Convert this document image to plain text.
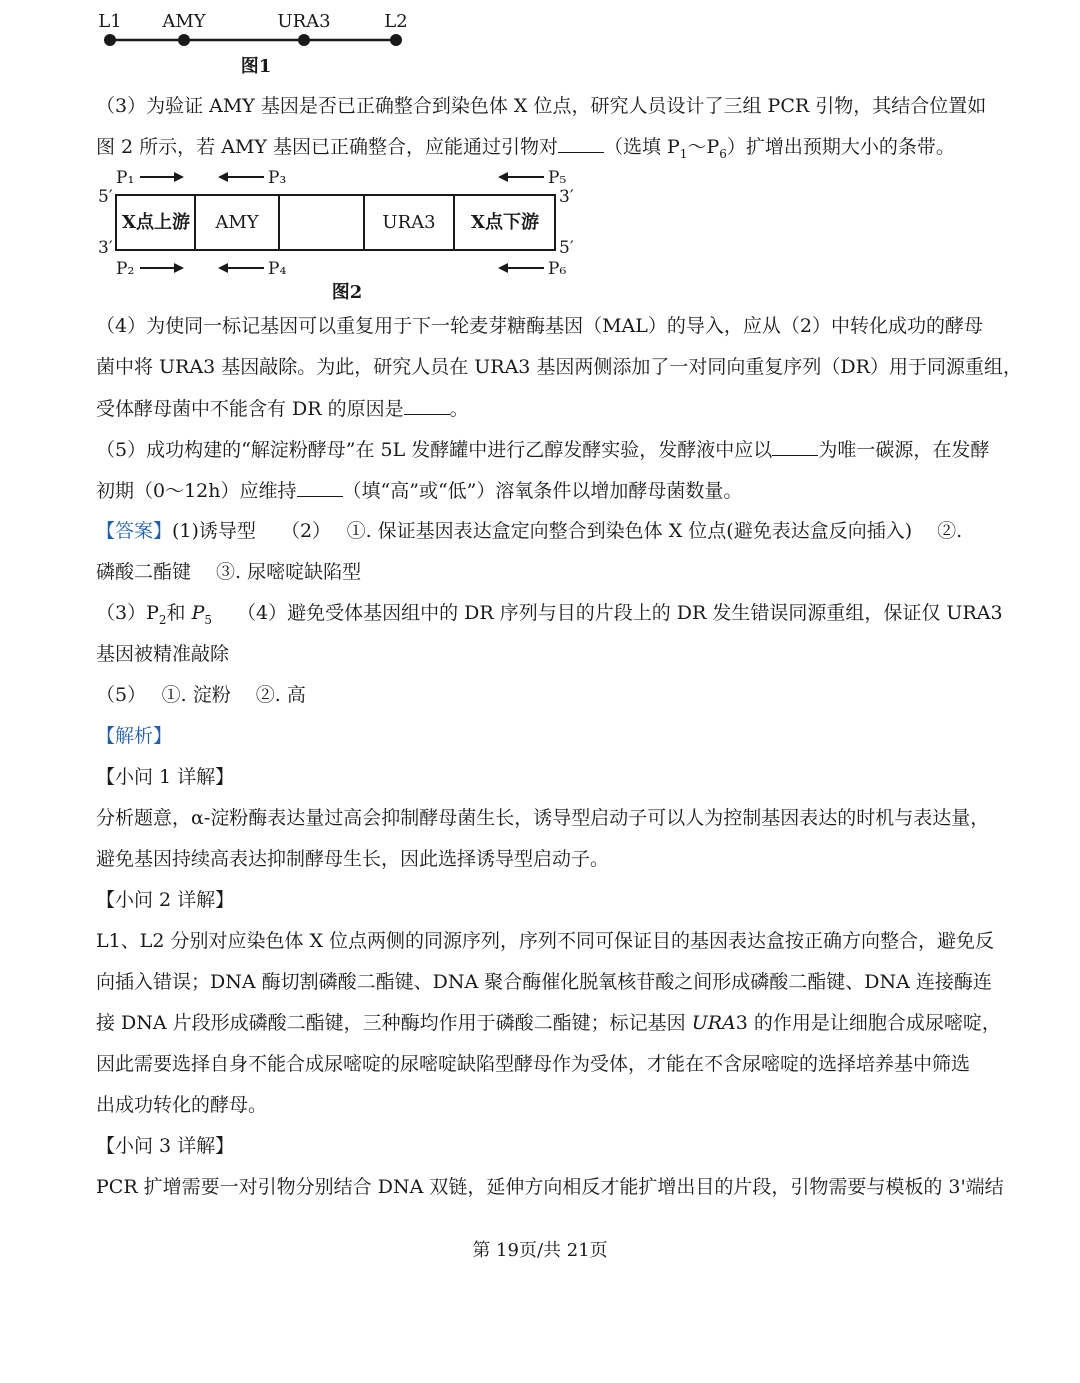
L1 AMY	URA3	L2
图1
（3）为验证 AMY 基因是否已正确整合到染色体 X 位点，研究人员设计了三组 PCR 引物，其结合位置如
图 2 所示，若 AMY 基因已正确整合，应能通过引物对 （选填 $P_1\sim P_6$）扩增出预期大小的条带。
X点上游 AMY	URA3 X点下游
5′	3′
3′	5′
P₁	P₃	P₅
P₂	P₄	P₆
图2
（4）为使同一标记基因可以重复用于下一轮麦芽糖酶基因（MAL）的导入，应从（2）中转化成功的酵母
菌中将 URA3 基因敲除。为此，研究人员在 URA3 基因两侧添加了一对同向重复序列（DR）用于同源重组，
受体酵母菌中不能含有 DR 的原因是 。
（5）成功构建的“解淀粉酵母”在 5L 发酵罐中进行乙醇发酵实验，发酵液中应以 为唯一碳源，在发酵
初期（0～12h）应维持 （填“高”或“低”）溶氧条件以增加酵母菌数量。
【答案】(1)诱导型　 （2）　 ①. 保证基因表达盒定向整合到染色体 X 位点(避免表达盒反向插入)　 ②.
磷酸二酯键　 ③. 尿嘧啶缺陷型
$(3)P_2$和 $P_5$　 （4）避免受体基因组中的 DR 序列与目的片段上的 DR 发生错误同源重组，保证仅 URA3
基因被精准敲除
（5）　 ①. 淀粉　 ②. 高
【解析】
【小问 1 详解】
分析题意，α-淀粉酶表达量过高会抑制酵母菌生长，诱导型启动子可以人为控制基因表达的时机与表达量，
避免基因持续高表达抑制酵母生长，因此选择诱导型启动子。
【小问 2 详解】
L1、L2 分别对应染色体 X 位点两侧的同源序列，序列不同可保证目的基因表达盒按正确方向整合，避免反
向插入错误；DNA 酶切割磷酸二酯键、DNA 聚合酶催化脱氧核苷酸之间形成磷酸二酯键、DNA 连接酶连
接 DNA 片段形成磷酸二酯键，三种酶均作用于磷酸二酯键；标记基因 URA3 的作用是让细胞合成尿嘧啶，
因此需要选择自身不能合成尿嘧啶的尿嘧啶缺陷型酵母作为受体，才能在不含尿嘧啶的选择培养基中筛选
出成功转化的酵母。
【小问 3 详解】
PCR 扩增需要一对引物分别结合 DNA 双链，延伸方向相反才能扩增出目的片段，引物需要与模板的 3'端结
第 19页/共 21页
